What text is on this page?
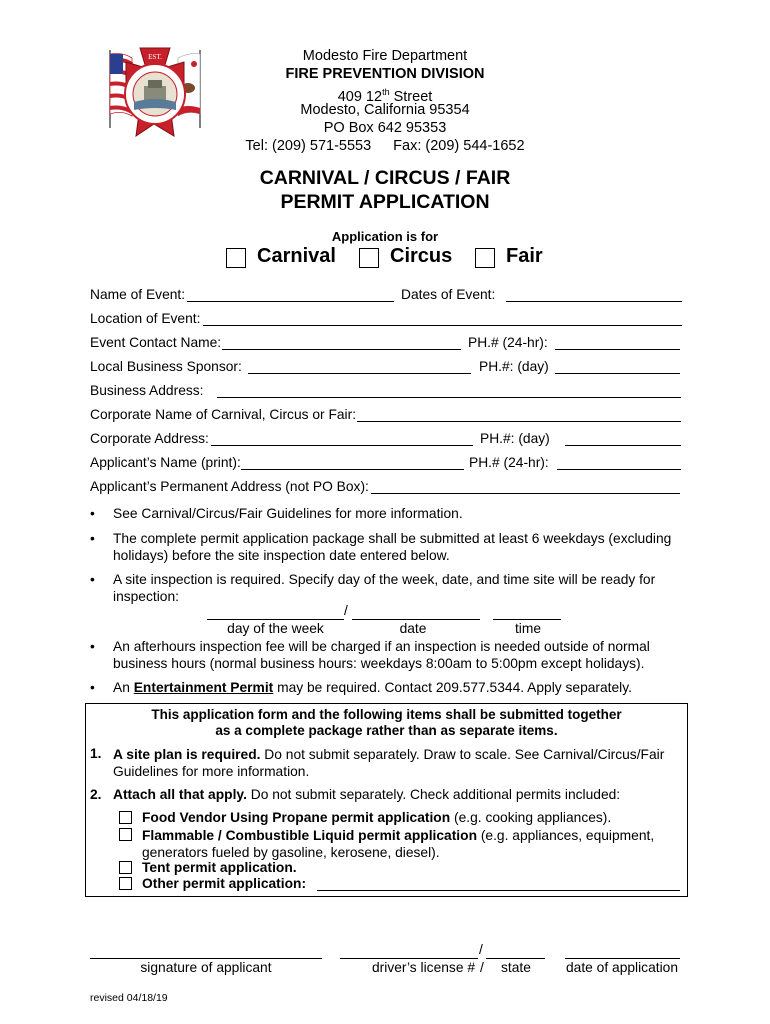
EST.
1875
Modesto Fire Department
FIRE PREVENTION DIVISION
409 12th Street
Modesto, California 95354
PO Box 642 95353
Tel: (209) 571-5553 Fax: (209) 544-1652
CARNIVAL / CIRCUS / FAIR
PERMIT APPLICATION
Application is for
Carnival	Circus	Fair
Name of Event:	Dates of Event:
Location of Event:
Event Contact Name:	PH.# (24-hr):
Local Business Sponsor:	PH.#: (day)
Business Address:
Corporate Name of Carnival, Circus or Fair:
Corporate Address:	PH.#: (day)
Applicant’s Name (print):	PH.# (24-hr):
Applicant’s Permanent Address (not PO Box):
• See Carnival/Circus/Fair Guidelines for more information.
• The complete permit application package shall be submitted at least 6 weekdays (excluding
holidays) before the site inspection date entered below.
• A site inspection is required. Specify day of the week, date, and time site will be ready for
inspection:
/
day of the week	date	time
• An afterhours inspection fee will be charged if an inspection is needed outside of normal
business hours (normal business hours: weekdays 8:00am to 5:00pm except holidays).
• An Entertainment Permit may be required. Contact 209.577.5344. Apply separately.
This application form and the following items shall be submitted together
as a complete package rather than as separate items.
1. A site plan is required. Do not submit separately. Draw to scale. See Carnival/Circus/Fair
Guidelines for more information.
2. Attach all that apply. Do not submit separately. Check additional permits included:
Food Vendor Using Propane permit application (e.g. cooking appliances).
Flammable / Combustible Liquid permit application (e.g. appliances, equipment,
generators fueled by gasoline, kerosene, diesel).
Tent permit application.
Other permit application:
/
signature of applicant	driver’s license # /	state	date of application
revised 04/18/19
